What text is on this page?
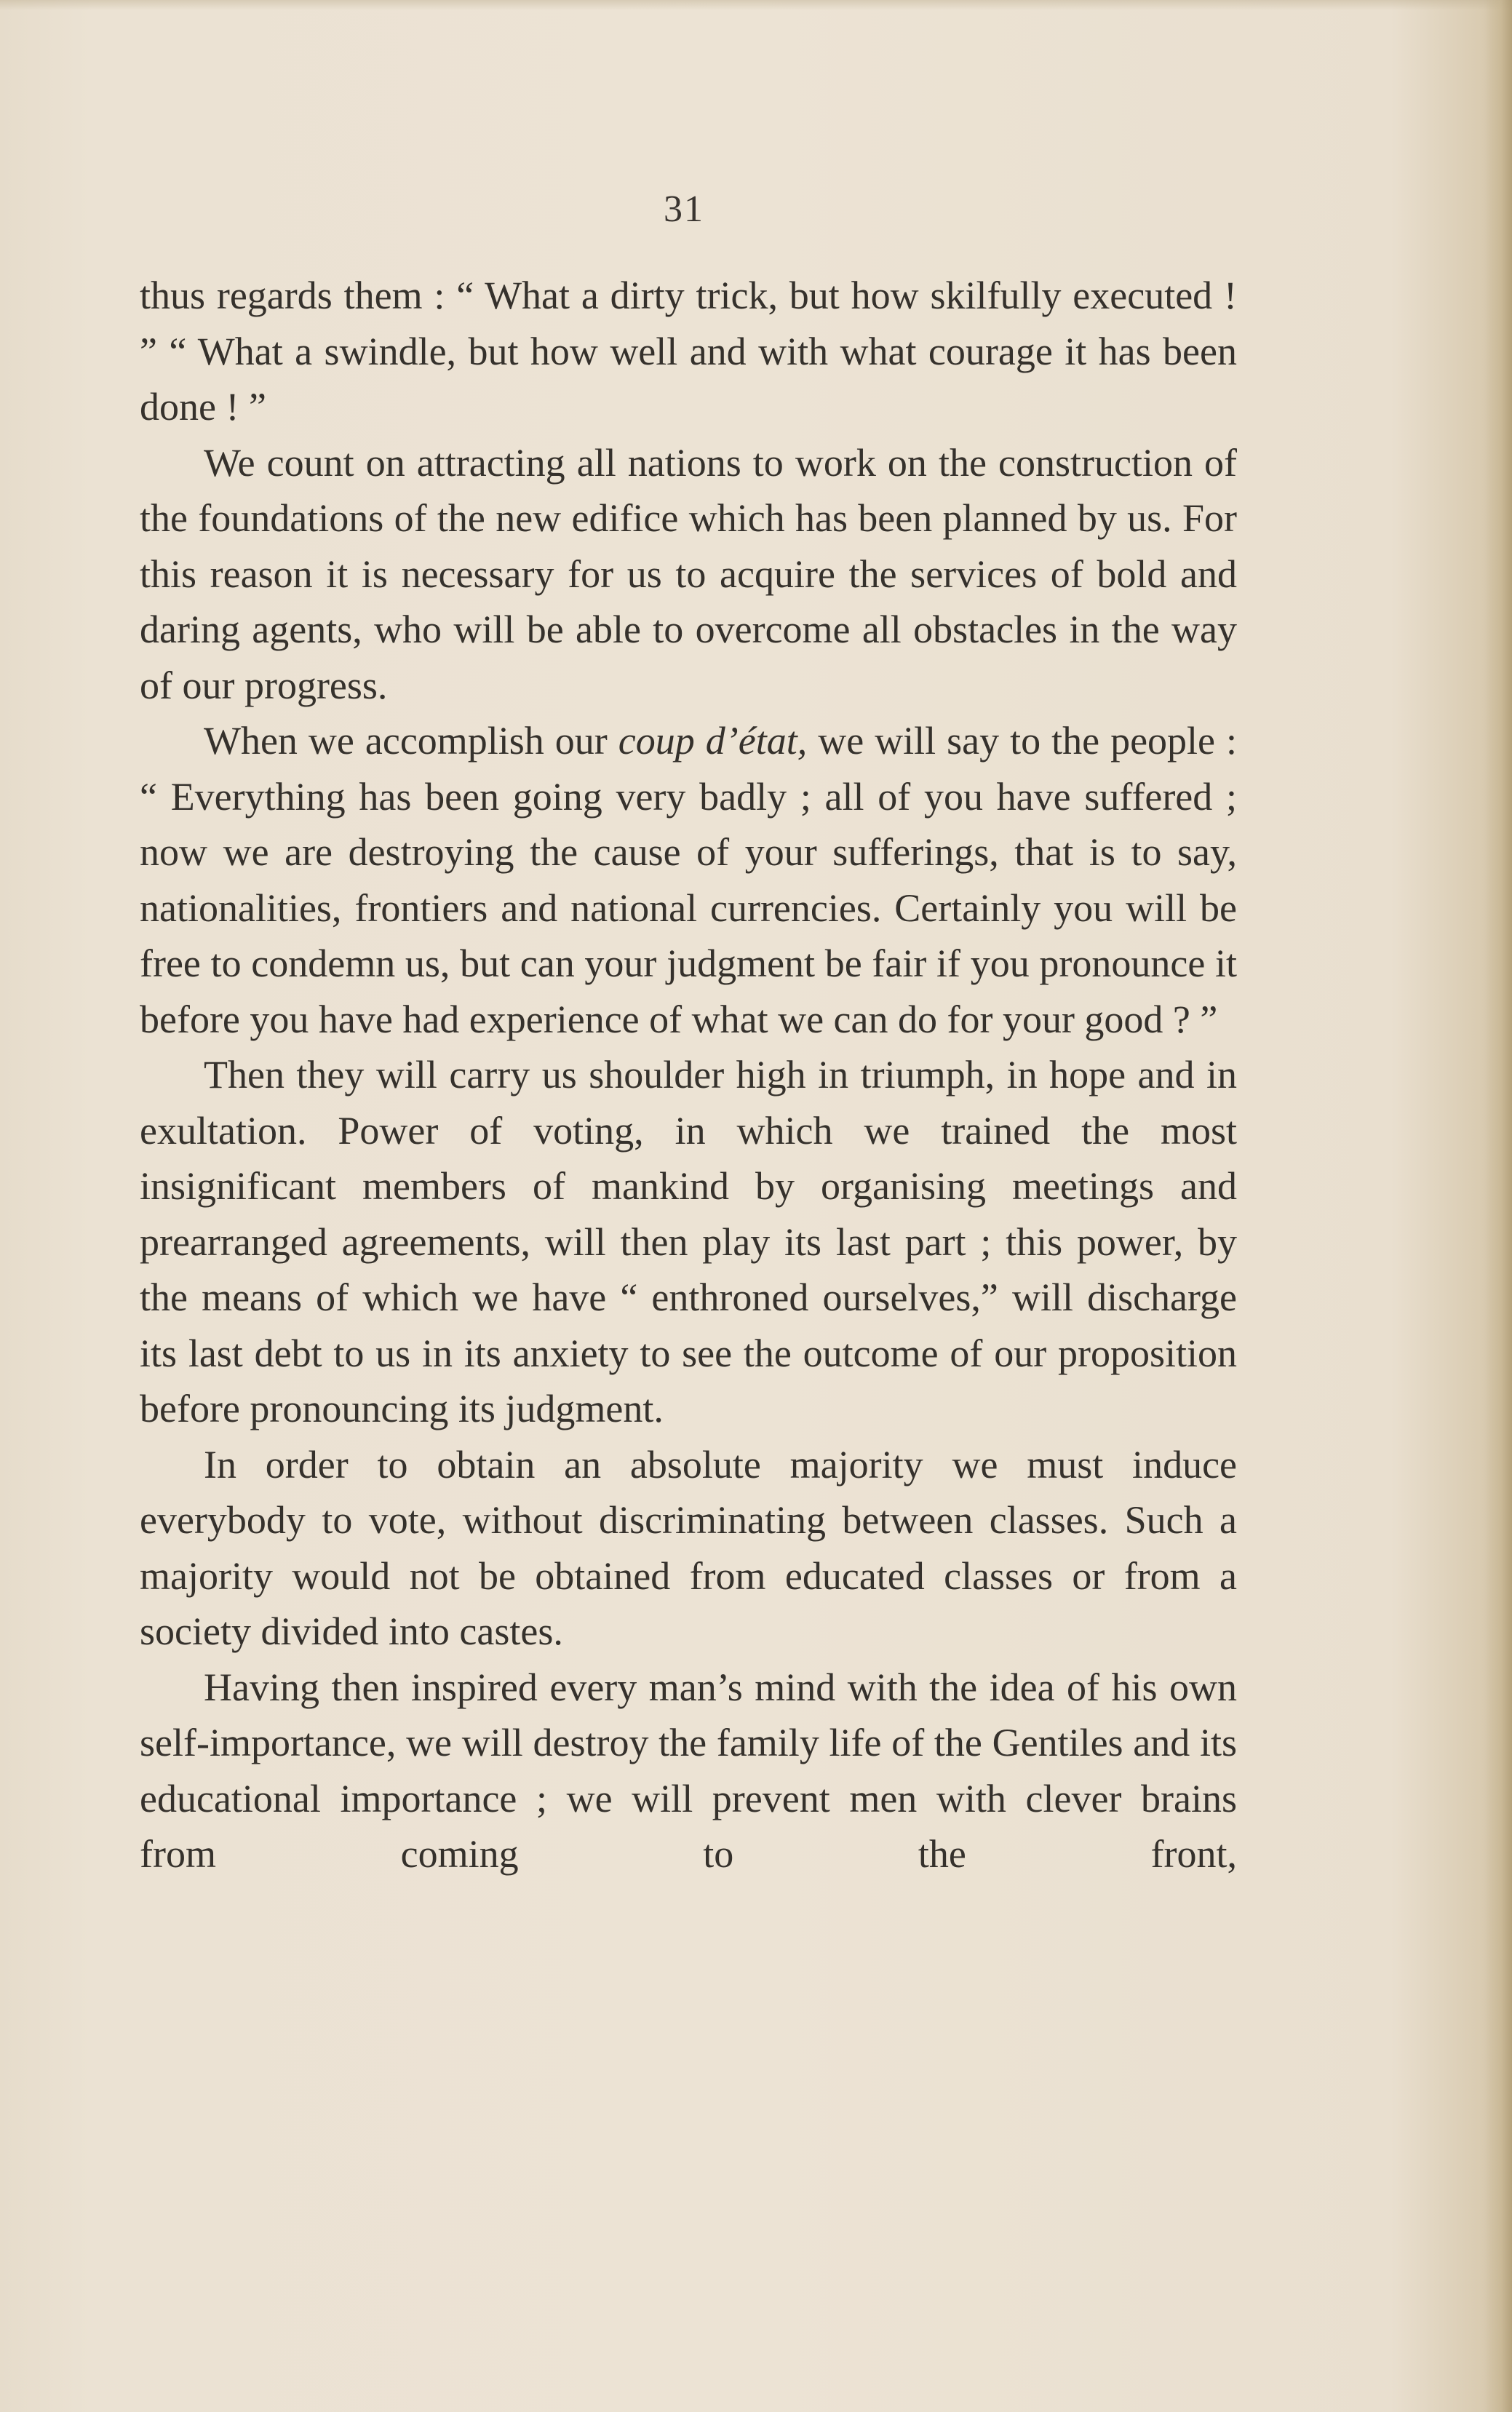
31

thus regards them : “ What a dirty trick, but how skilfully executed ! ” “ What a swindle, but how well and with what courage it has been done ! ”

We count on attracting all nations to work on the construction of the foundations of the new edifice which has been planned by us. For this reason it is necessary for us to acquire the services of bold and daring agents, who will be able to overcome all obstacles in the way of our progress.

When we accomplish our coup d’état, we will say to the people : “ Everything has been going very badly ; all of you have suffered ; now we are destroying the cause of your sufferings, that is to say, nationalities, frontiers and national currencies. Certainly you will be free to condemn us, but can your judgment be fair if you pronounce it before you have had experience of what we can do for your good ? ”

Then they will carry us shoulder high in triumph, in hope and in exultation. Power of voting, in which we trained the most insignificant members of mankind by organising meetings and prearranged agreements, will then play its last part ; this power, by the means of which we have “ enthroned ourselves,” will discharge its last debt to us in its anxiety to see the outcome of our proposition before pronouncing its judgment.

In order to obtain an absolute majority we must induce everybody to vote, without discriminating between classes. Such a majority would not be obtained from educated classes or from a society divided into castes.

Having then inspired every man’s mind with the idea of his own self-importance, we will destroy the family life of the Gentiles and its educational importance ; we will prevent men with clever brains from coming to the front,
